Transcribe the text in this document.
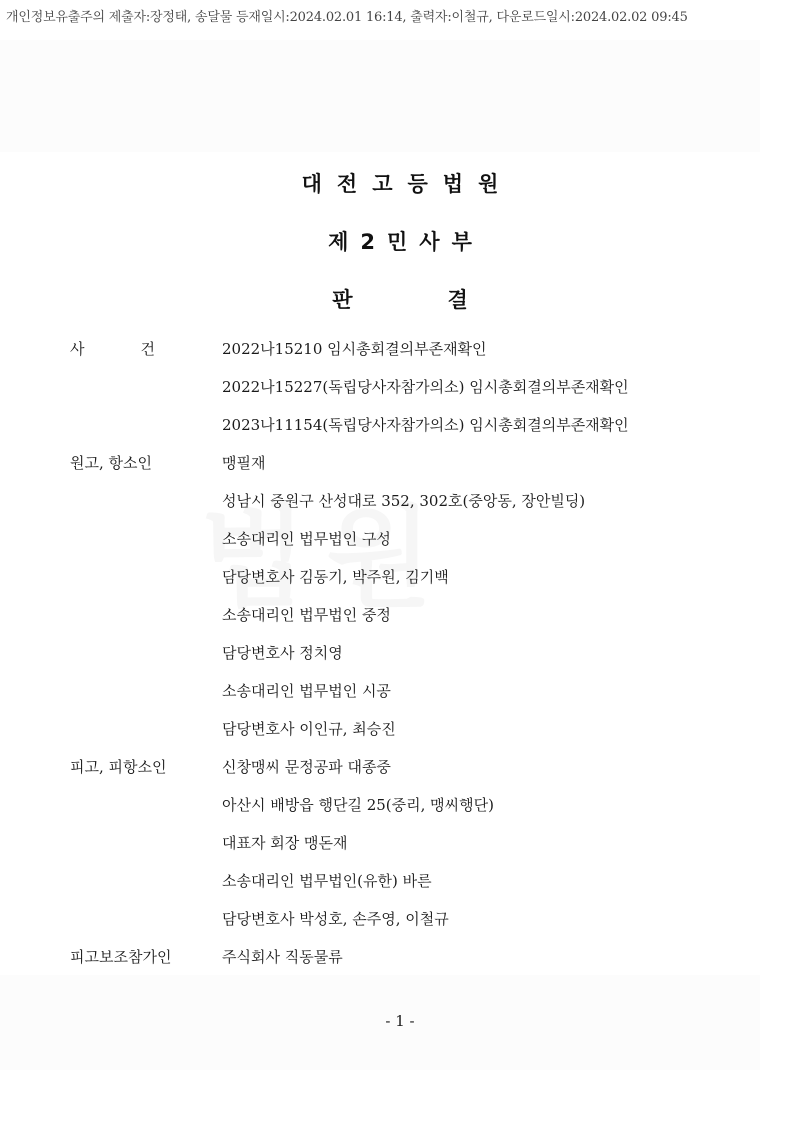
개인정보유출주의 제출자:장정태, 송달물 등재일시:2024.02.01 16:14, 출력자:이철규, 다운로드일시:2024.02.02 09:45
대전고등법원
제2민사부
판	결
사	건	2022나15210 임시총회결의부존재확인
2022나15227(독립당사자참가의소) 임시총회결의부존재확인
2023나11154(독립당사자참가의소) 임시총회결의부존재확인
원고, 항소인	맹필재
성남시 중원구 산성대로 352, 302호(중앙동, 장안빌딩)
소송대리인 법무법인 구성
담당변호사 김동기, 박주원, 김기백
소송대리인 법무법인 중정
담당변호사 정치영
소송대리인 법무법인 시공
담당변호사 이인규, 최승진
피고, 피항소인	신창맹씨 문정공파 대종중
아산시 배방읍 행단길 25(중리, 맹씨행단)
대표자 회장 맹돈재
소송대리인 법무법인(유한) 바른
담당변호사 박성호, 손주영, 이철규
피고보조참가인	주식회사 직동물류
- 1 -
